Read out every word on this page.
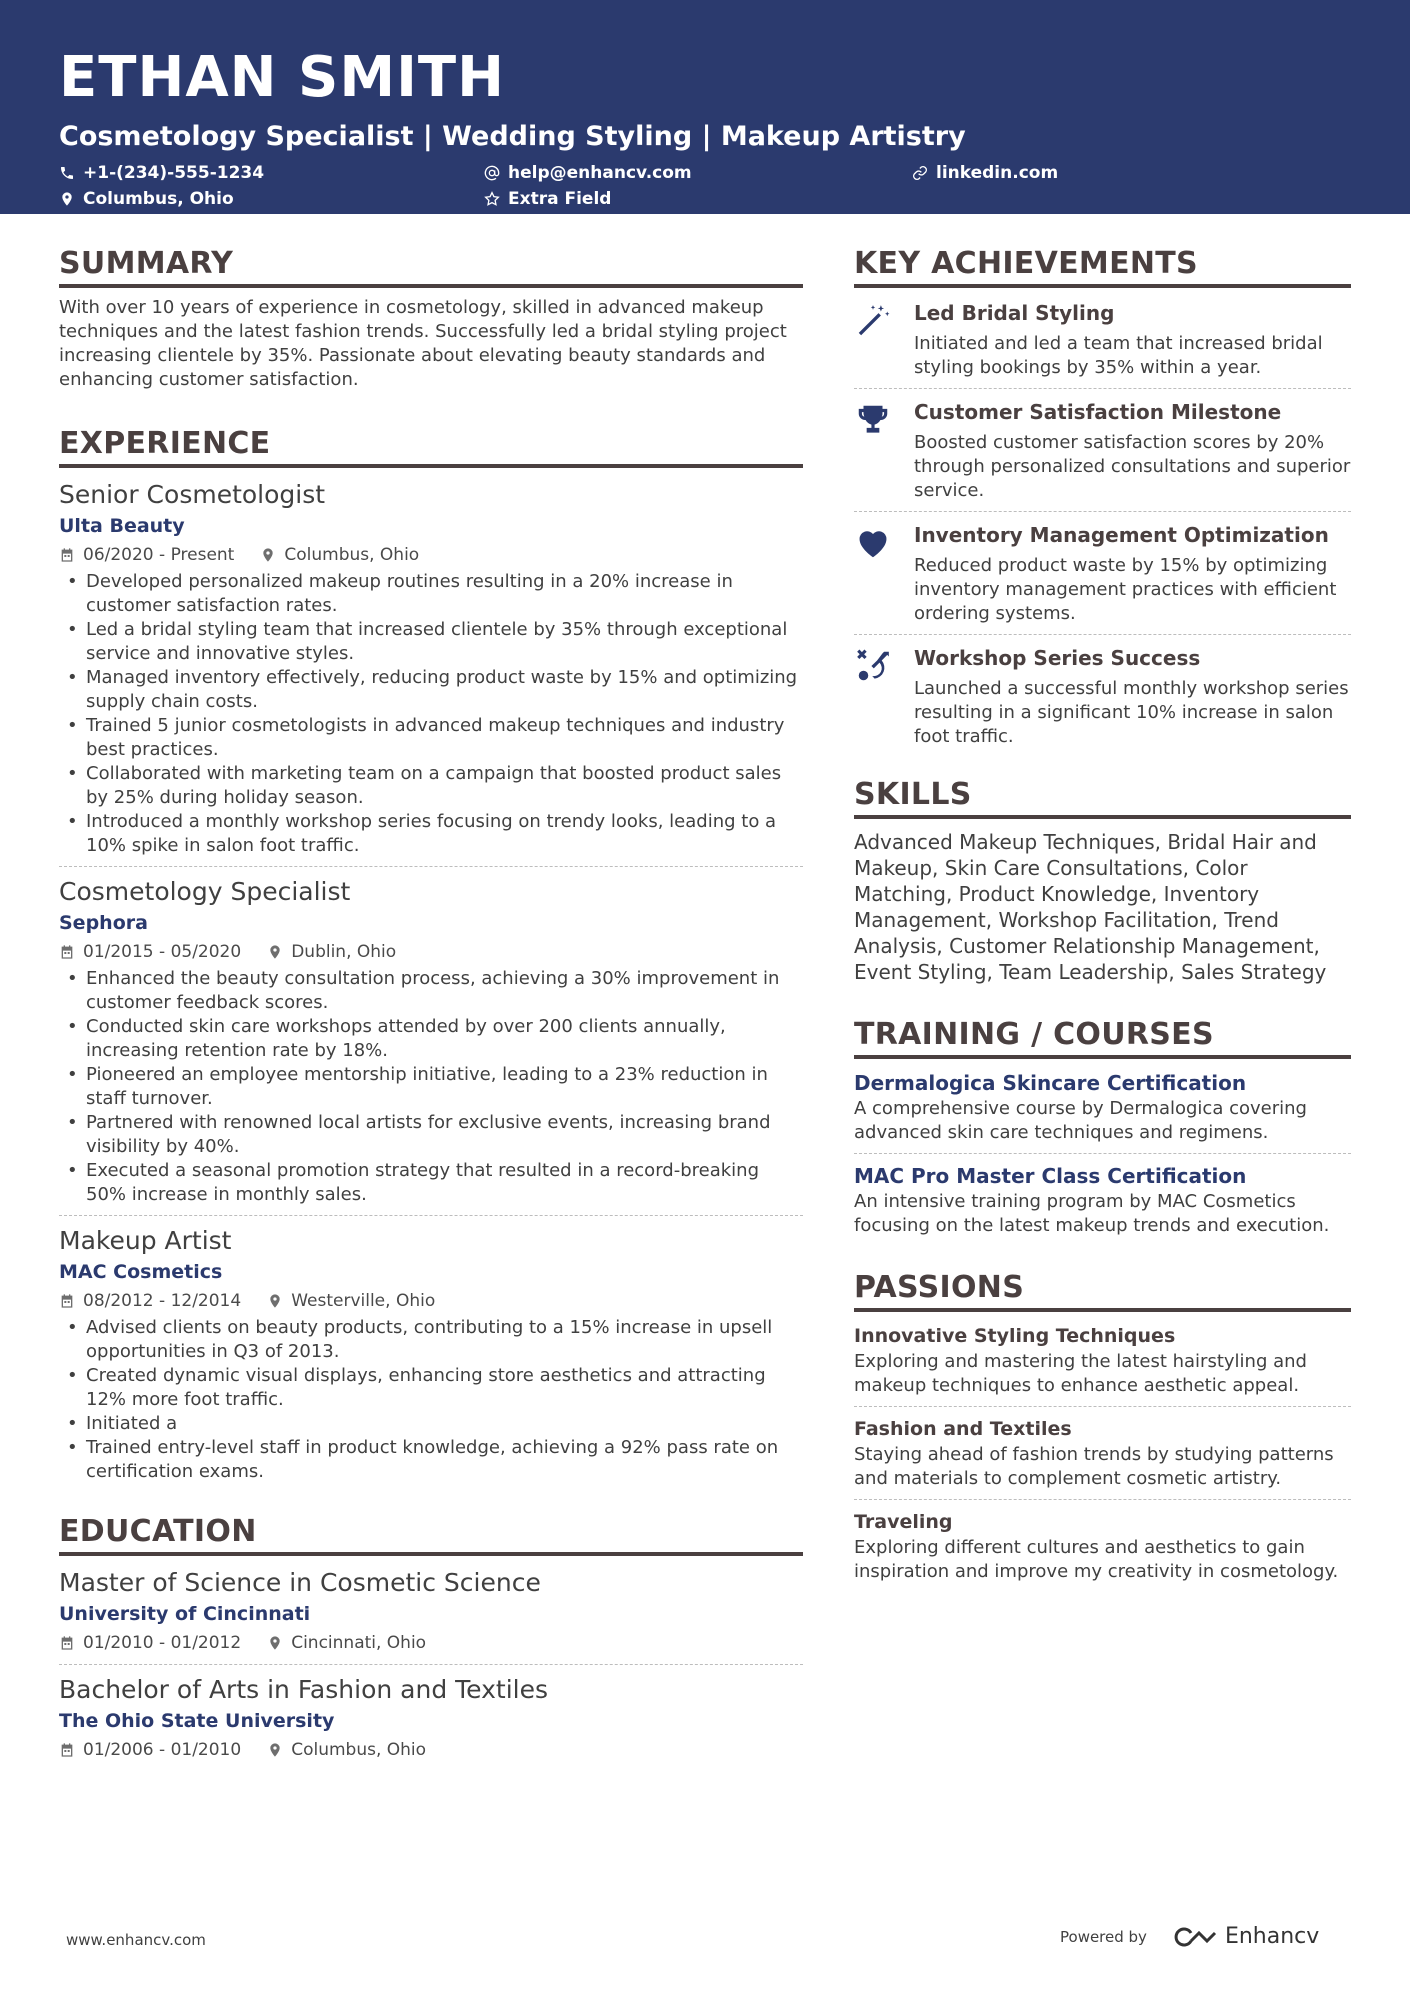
ETHAN SMITH
Cosmetology Specialist | Wedding Styling | Makeup Artistry
+1-(234)-555-1234	help@enhancv.com	linkedin.com
Columbus, Ohio	Extra Field
SUMMARY
With over 10 years of experience in cosmetology, skilled in advanced makeup techniques and the latest fashion trends. Successfully led a bridal styling project increasing clientele by 35%. Passionate about elevating beauty standards and enhancing customer satisfaction.
EXPERIENCE
Senior Cosmetologist
Ulta Beauty
06/2020 - Present	Columbus, Ohio
• Developed personalized makeup routines resulting in a 20% increase in customer satisfaction rates.
• Led a bridal styling team that increased clientele by 35% through exceptional service and innovative styles.
• Managed inventory effectively, reducing product waste by 15% and optimizing supply chain costs.
• Trained 5 junior cosmetologists in advanced makeup techniques and industry best practices.
• Collaborated with marketing team on a campaign that boosted product sales by 25% during holiday season.
• Introduced a monthly workshop series focusing on trendy looks, leading to a 10% spike in salon foot traffic.
Cosmetology Specialist
Sephora
01/2015 - 05/2020	Dublin, Ohio
• Enhanced the beauty consultation process, achieving a 30% improvement in customer feedback scores.
• Conducted skin care workshops attended by over 200 clients annually, increasing retention rate by 18%.
• Pioneered an employee mentorship initiative, leading to a 23% reduction in staff turnover.
• Partnered with renowned local artists for exclusive events, increasing brand visibility by 40%.
• Executed a seasonal promotion strategy that resulted in a record-breaking 50% increase in monthly sales.
Makeup Artist
MAC Cosmetics
08/2012 - 12/2014	Westerville, Ohio
• Advised clients on beauty products, contributing to a 15% increase in upsell opportunities in Q3 of 2013.
• Created dynamic visual displays, enhancing store aesthetics and attracting 12% more foot traffic.
• Initiated a
• Trained entry-level staff in product knowledge, achieving a 92% pass rate on certification exams.
EDUCATION
Master of Science in Cosmetic Science
University of Cincinnati
01/2010 - 01/2012	Cincinnati, Ohio
Bachelor of Arts in Fashion and Textiles
The Ohio State University
01/2006 - 01/2010	Columbus, Ohio
KEY ACHIEVEMENTS
Led Bridal Styling
Initiated and led a team that increased bridal styling bookings by 35% within a year.
Customer Satisfaction Milestone
Boosted customer satisfaction scores by 20% through personalized consultations and superior service.
Inventory Management Optimization
Reduced product waste by 15% by optimizing inventory management practices with efficient ordering systems.
Workshop Series Success
Launched a successful monthly workshop series resulting in a significant 10% increase in salon foot traffic.
SKILLS
Advanced Makeup Techniques, Bridal Hair and Makeup, Skin Care Consultations, Color Matching, Product Knowledge, Inventory Management, Workshop Facilitation, Trend Analysis, Customer Relationship Management, Event Styling, Team Leadership, Sales Strategy
TRAINING / COURSES
Dermalogica Skincare Certification
A comprehensive course by Dermalogica covering advanced skin care techniques and regimens.
MAC Pro Master Class Certification
An intensive training program by MAC Cosmetics focusing on the latest makeup trends and execution.
PASSIONS
Innovative Styling Techniques
Exploring and mastering the latest hairstyling and makeup techniques to enhance aesthetic appeal.
Fashion and Textiles
Staying ahead of fashion trends by studying patterns and materials to complement cosmetic artistry.
Traveling
Exploring different cultures and aesthetics to gain inspiration and improve my creativity in cosmetology.
www.enhancv.com	Powered by	Enhancv
